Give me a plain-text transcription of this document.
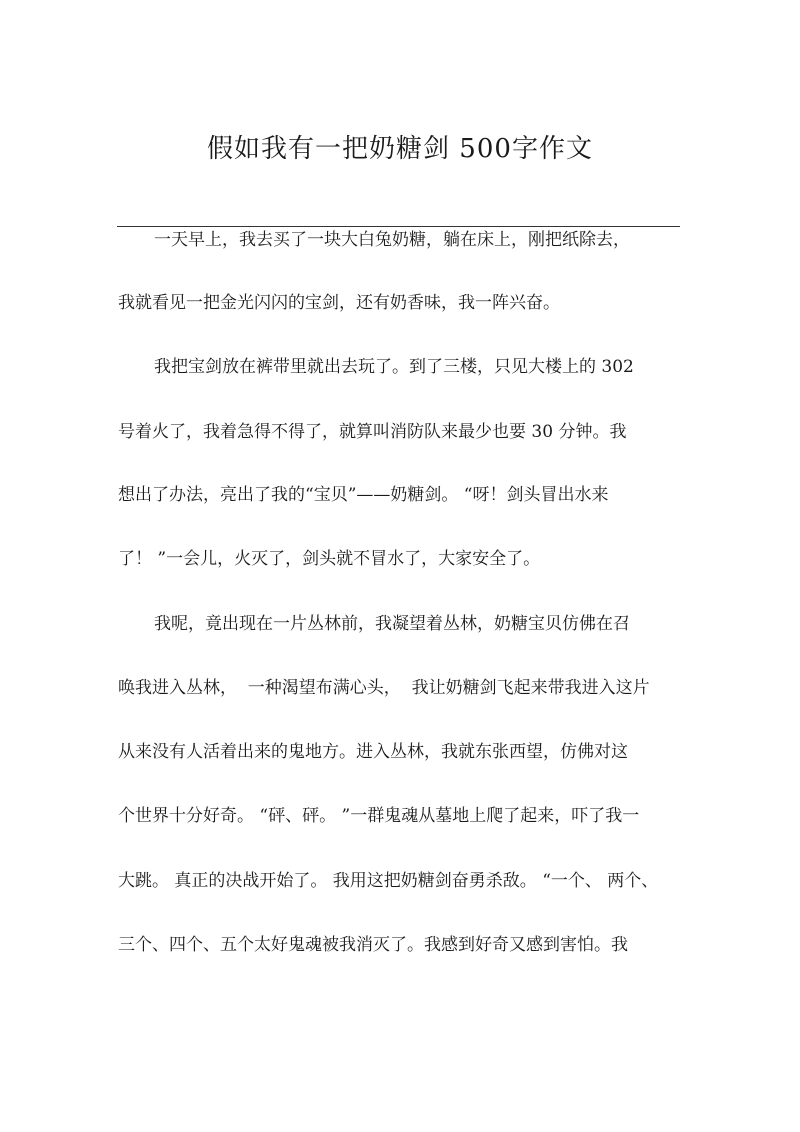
假如我有一把奶糖剑 500字作文
一天早上，我去买了一块大白兔奶糖，躺在床上，刚把纸除去，
我就看见一把金光闪闪的宝剑，还有奶香味，我一阵兴奋。
我把宝剑放在裤带里就出去玩了。到了三楼，只见大楼上的 302
号着火了，我着急得不得了，就算叫消防队来最少也要 30 分钟。我
想出了办法，亮出了我的“宝贝”——奶糖剑。 “呀！剑头冒出水来
了！ ”一会儿，火灭了，剑头就不冒水了，大家安全了。
我呢，竟出现在一片丛林前，我凝望着丛林，奶糖宝贝仿佛在召
唤我进入丛林，  一种渴望布满心头，  我让奶糖剑飞起来带我进入这片
从来没有人活着出来的鬼地方。进入丛林，我就东张西望，仿佛对这
个世界十分好奇。 “砰、砰。 ”一群鬼魂从墓地上爬了起来，吓了我一
大跳。 真正的决战开始了。 我用这把奶糖剑奋勇杀敌。 “一个、 两个、
三个、四个、五个太好鬼魂被我消灭了。我感到好奇又感到害怕。我
